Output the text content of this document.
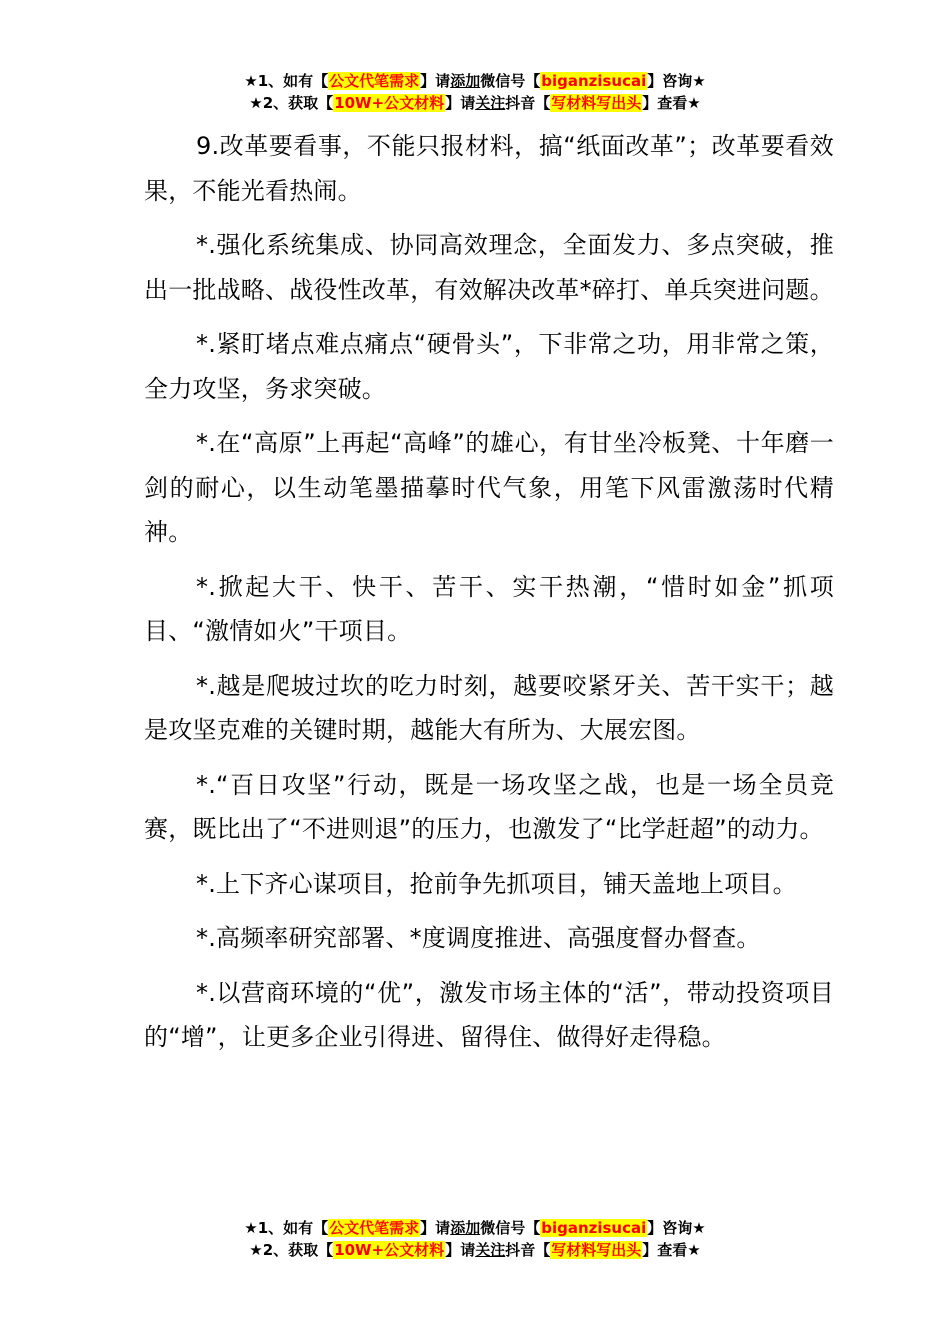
★1、如有【公文代笔需求】请添加微信号【biganzisucai】咨询★
★2、获取【10W+公文材料】请关注抖音【写材料写出头】查看★

9.改革要看事，不能只报材料，搞“纸面改革”；改革要看效果，不能光看热闹。

*.强化系统集成、协同高效理念，全面发力、多点突破，推出一批战略、战役性改革，有效解决改革*碎打、单兵突进问题。

*.紧盯堵点难点痛点“硬骨头”，下非常之功，用非常之策，全力攻坚，务求突破。

*.在“高原”上再起“高峰”的雄心，有甘坐冷板凳、十年磨一剑的耐心，以生动笔墨描摹时代气象，用笔下风雷激荡时代精神。

*.掀起大干、快干、苦干、实干热潮，“惜时如金”抓项目、“激情如火”干项目。

*.越是爬坡过坎的吃力时刻，越要咬紧牙关、苦干实干；越是攻坚克难的关键时期，越能大有所为、大展宏图。

*.“百日攻坚”行动，既是一场攻坚之战，也是一场全员竞赛，既比出了“不进则退”的压力，也激发了“比学赶超”的动力。

*.上下齐心谋项目，抢前争先抓项目，铺天盖地上项目。

*.高频率研究部署、*度调度推进、高强度督办督查。

*.以营商环境的“优”，激发市场主体的“活”，带动投资项目的“增”，让更多企业引得进、留得住、做得好走得稳。

★1、如有【公文代笔需求】请添加微信号【biganzisucai】咨询★
★2、获取【10W+公文材料】请关注抖音【写材料写出头】查看★
